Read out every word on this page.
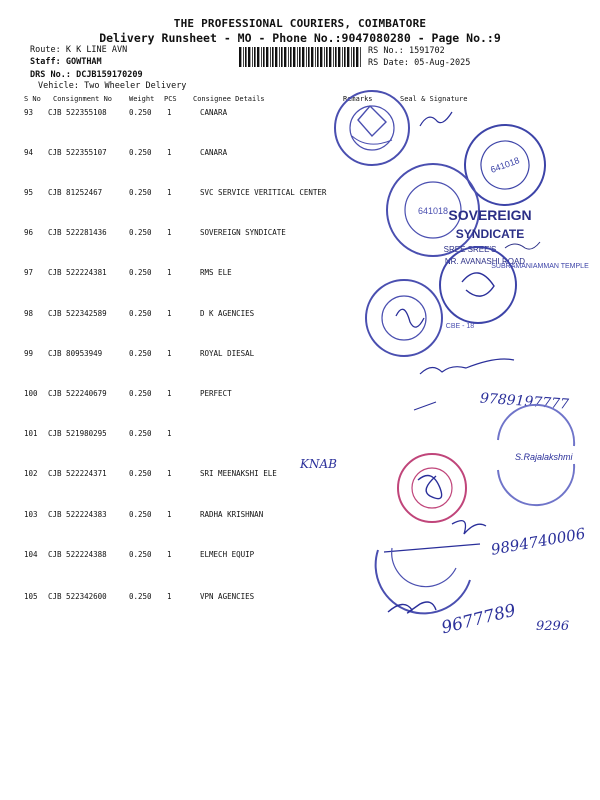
THE PROFESSIONAL COURIERS, COIMBATORE
Delivery Runsheet - MO - Phone No.:9047080280 - Page No.:9
Route: K K LINE AVN
Staff: GOWTHAM
DRS No.: DCJB159170209
Vehicle: Two Wheeler Delivery
RS No.: 1591702
RS Date: 05-Aug-2025
S No Consignment No Weight PCS Consignee Details	Remarks	Seal & Signature
93 CJB 522355108	0.250 1	CANARA
94 CJB 522355107	0.250 1	CANARA
95 CJB 81252467	0.250 1	SVC SERVICE VERITICAL CENTER
96 CJB 522281436	0.250 1	SOVEREIGN SYNDICATE
97 CJB 522224381	0.250 1	RMS ELE
98 CJB 522342589	0.250 1	D K AGENCIES
99 CJB 80953949	0.250 1	ROYAL DIESAL
100 CJB 522240679	0.250 1	PERFECT
101 CJB 521980295	0.250 1
102 CJB 522224371	0.250 1	SRI MEENAKSHI ELE
103 CJB 522224383	0.250 1	RADHA KRISHNAN
104 CJB 522224388	0.250 1	ELMECH EQUIP
105 CJB 522342600	0.250 1	VPN AGENCIES
641018
641018 SOVEREIGN
SYNDICATE
SREE SREE'S
NR. AVANASHI ROAD
SUBRAMANIAMMAN TEMPLE
CBE - 18
9789197777
S.Rajalakshmi
KNAB
9894740006
9677789 9296
